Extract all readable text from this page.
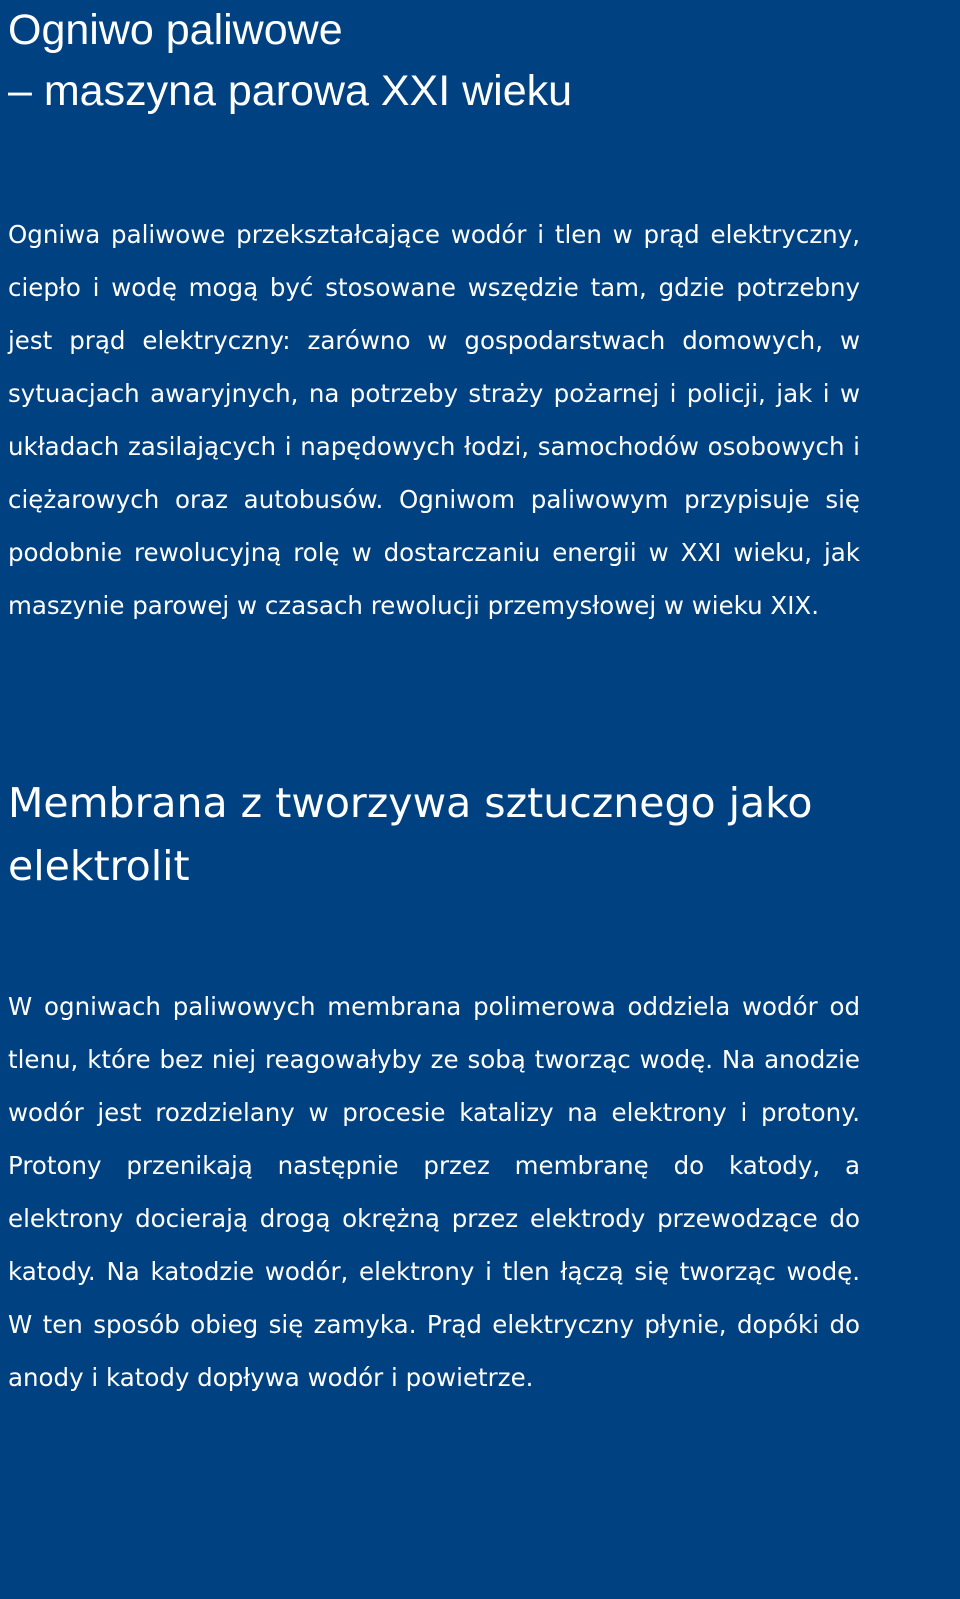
Ogniwo paliwowe
– maszyna parowa XXI wieku

Ogniwa paliwowe przekształcające wodór i tlen w prąd elektryczny, ciepło i wodę mogą być stosowane wszędzie tam, gdzie potrzebny jest prąd elektryczny: zarówno w gospodarstwach domowych, w sytuacjach awaryjnych, na potrzeby straży pożarnej i policji, jak i w układach zasilających i napędowych łodzi, samochodów osobowych i ciężarowych oraz autobusów. Ogniwom paliwowym przypisuje się podobnie rewolucyjną rolę w dostarczaniu energii w XXI wieku, jak maszynie parowej w czasach rewolucji przemysłowej w wieku XIX.

Membrana z tworzywa sztucznego jako
elektrolit

W ogniwach paliwowych membrana polimerowa oddziela wodór od tlenu, które bez niej reagowałyby ze sobą tworząc wodę. Na anodzie wodór jest rozdzielany w procesie katalizy na elektrony i protony. Protony przenikają następnie przez membranę do katody, a elektrony docierają drogą okrężną przez elektrody przewodzące do katody. Na katodzie wodór, elektrony i tlen łączą się tworząc wodę. W ten sposób obieg się zamyka. Prąd elektryczny płynie, dopóki do anody i katody dopływa wodór i powietrze.
